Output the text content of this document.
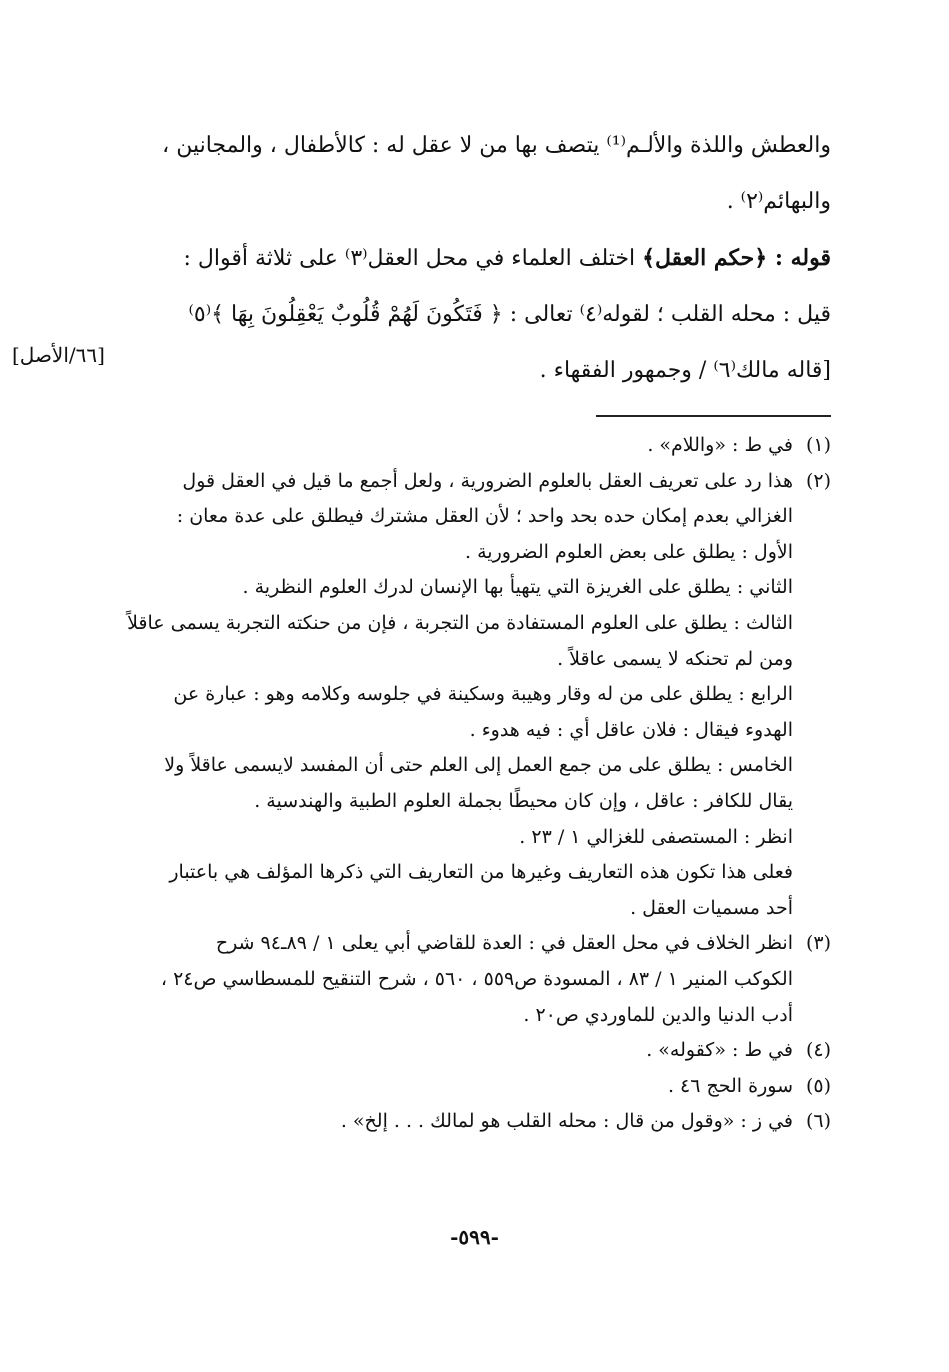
والعطش واللذة والألـم⁽¹⁾ يتصف بها من لا عقل له : كالأطفال ، والمجانين ،

والبهائم⁽٢⁾ .

قوله : ﴿حكم العقل﴾ اختلف العلماء في محل العقل⁽٣⁾ على ثلاثة أقوال :

قيل : محله القلب ؛ لقوله⁽٤⁾ تعالى : ﴿ فَتَكُونَ لَهُمْ قُلُوبٌ يَعْقِلُونَ بِهَا ﴾⁽٥⁾

[قاله مالك⁽٦⁾ / وجمهور الفقهاء .

[٦٦/الأصل]
(١)
في ط : «واللام» .
(٢)
هذا رد على تعريف العقل بالعلوم الضرورية ، ولعل أجمع ما قيل في العقل قول
الغزالي بعدم إمكان حده بحد واحد ؛ لأن العقل مشترك فيطلق على عدة معان :
الأول : يطلق على بعض العلوم الضرورية .
الثاني : يطلق على الغريزة التي يتهيأ بها الإنسان لدرك العلوم النظرية .
الثالث : يطلق على العلوم المستفادة من التجربة ، فإن من حنكته التجربة يسمى عاقلاً
ومن لم تحنكه لا يسمى عاقلاً .
الرابع : يطلق على من له وقار وهيبة وسكينة في جلوسه وكلامه وهو : عبارة عن
الهدوء فيقال : فلان عاقل أي : فيه هدوء .
الخامس : يطلق على من جمع العمل إلى العلم حتى أن المفسد لايسمى عاقلاً ولا
يقال للكافر : عاقل ، وإن كان محيطًا بجملة العلوم الطبية والهندسية .
انظر : المستصفى للغزالي ١ / ٢٣ .
فعلى هذا تكون هذه التعاريف وغيرها من التعاريف التي ذكرها المؤلف هي باعتبار
أحد مسميات العقل .
(٣)
انظر الخلاف في محل العقل في : العدة للقاضي أبي يعلى ١ / ٨٩ـ٩٤ شرح
الكوكب المنير ١ / ٨٣ ، المسودة ص٥٥٩ ، ٥٦٠ ، شرح التنقيح للمسطاسي ص٢٤ ،
أدب الدنيا والدين للماوردي ص٢٠ .
(٤)
في ط : «كقوله» .
(٥)
سورة الحج ٤٦ .
(٦)
في ز : «وقول من قال : محله القلب هو لمالك . . . إلخ» .
-٥٩٩-
